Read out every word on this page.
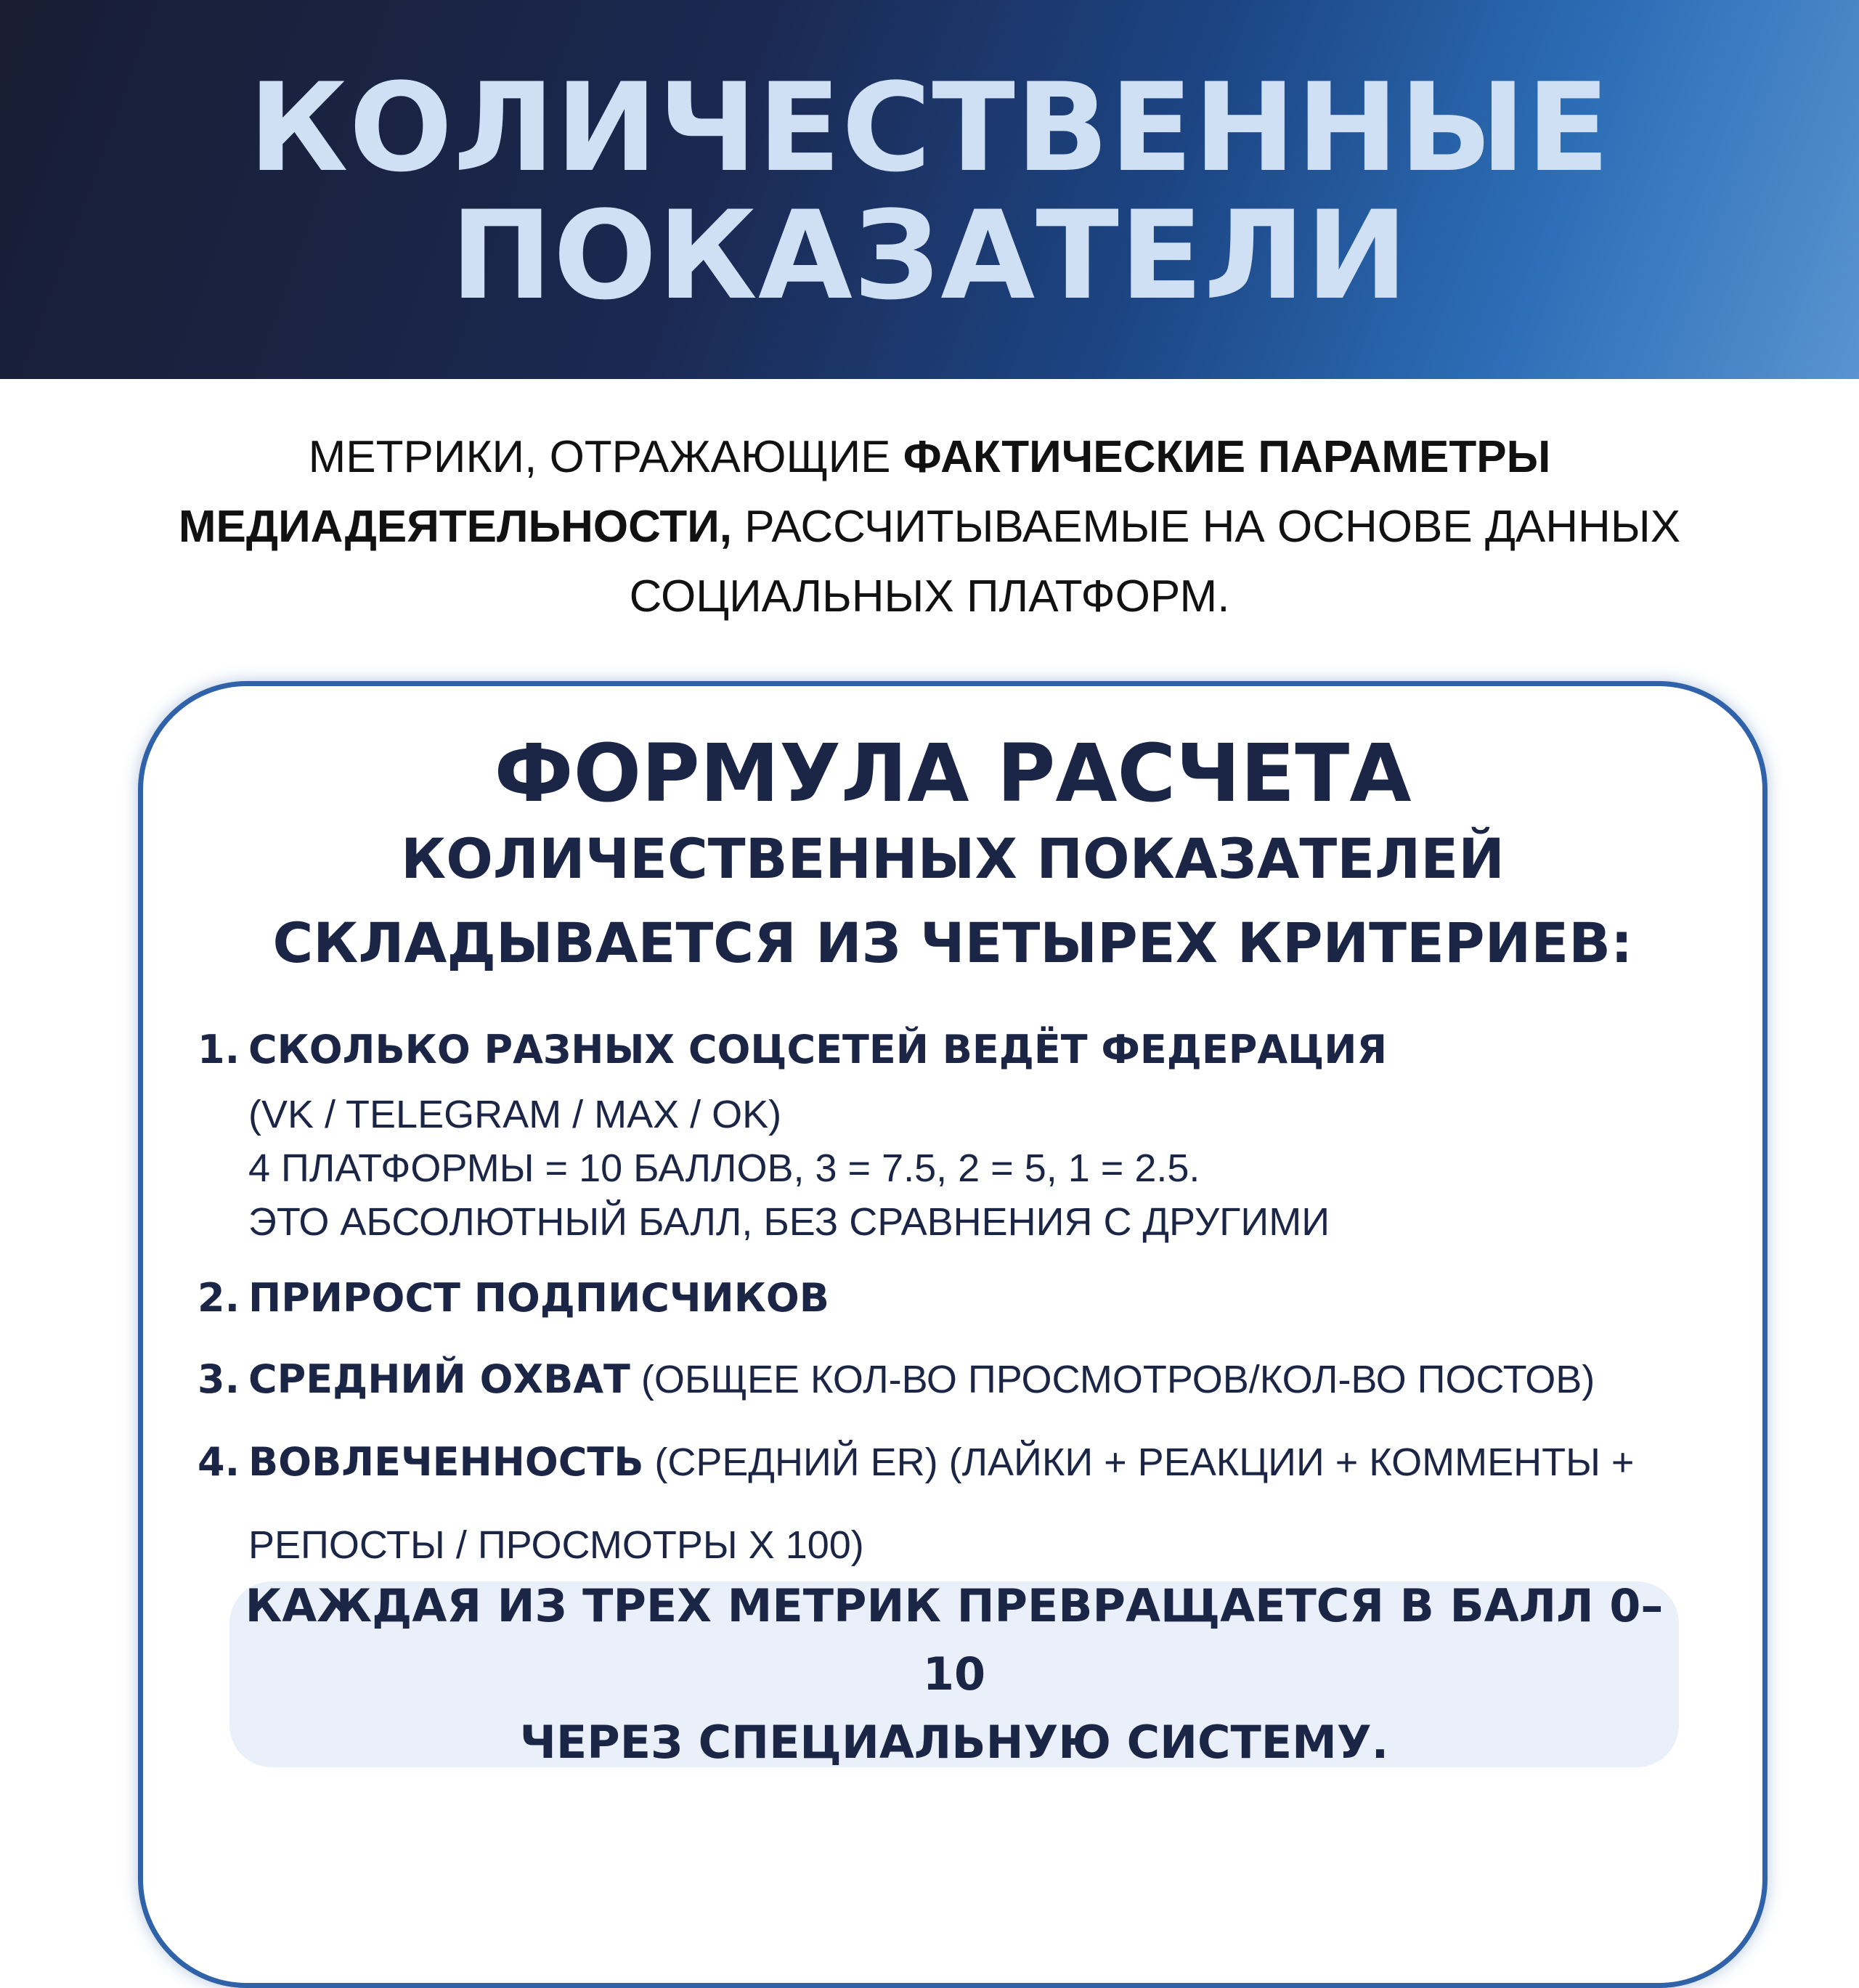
КОЛИЧЕСТВЕННЫЕ
ПОКАЗАТЕЛИ

МЕТРИКИ, ОТРАЖАЮЩИЕ ФАКТИЧЕСКИЕ ПАРАМЕТРЫ
МЕДИАДЕЯТЕЛЬНОСТИ, РАССЧИТЫВАЕМЫЕ НА ОСНОВЕ ДАННЫХ
СОЦИАЛЬНЫХ ПЛАТФОРМ.

ФОРМУЛА РАСЧЕТА
КОЛИЧЕСТВЕННЫХ ПОКАЗАТЕЛЕЙ
СКЛАДЫВАЕТСЯ ИЗ ЧЕТЫРЕХ КРИТЕРИЕВ:
1. СКОЛЬКО РАЗНЫХ СОЦСЕТЕЙ ВЕДЁТ ФЕДЕРАЦИЯ
(VK / TELEGRAM / MAX / OK)
4 ПЛАТФОРМЫ = 10 БАЛЛОВ, 3 = 7.5, 2 = 5, 1 = 2.5.
ЭТО АБСОЛЮТНЫЙ БАЛЛ, БЕЗ СРАВНЕНИЯ С ДРУГИМИ
2. ПРИРОСТ ПОДПИСЧИКОВ
3. СРЕДНИЙ ОХВАТ (ОБЩЕЕ КОЛ-ВО ПРОСМОТРОВ/КОЛ-ВО ПОСТОВ)
4. ВОВЛЕЧЕННОСТЬ (СРЕДНИЙ ER) (ЛАЙКИ + РЕАКЦИИ + КОММЕНТЫ +
РЕПОСТЫ / ПРОСМОТРЫ Х 100)
КАЖДАЯ ИЗ ТРЕХ МЕТРИК ПРЕВРАЩАЕТСЯ В БАЛЛ 0–10
ЧЕРЕЗ СПЕЦИАЛЬНУЮ СИСТЕМУ.
